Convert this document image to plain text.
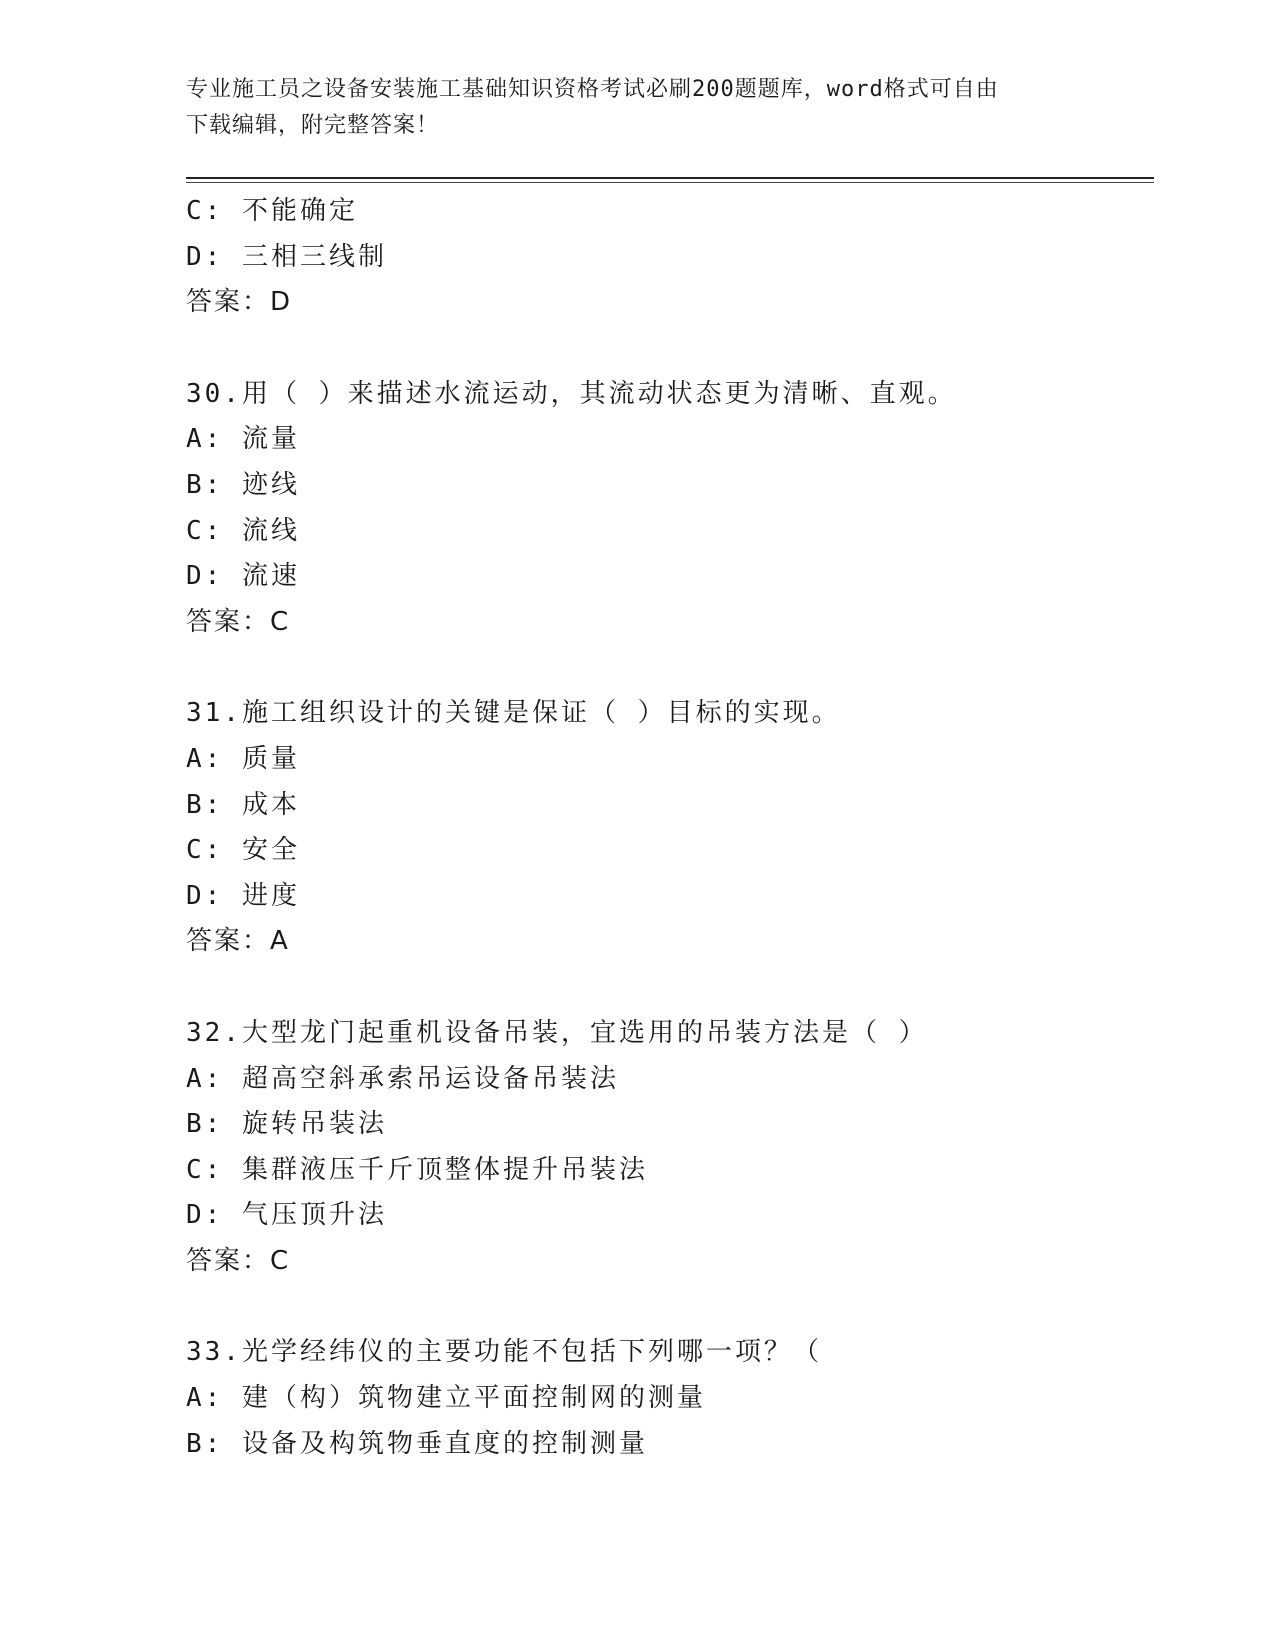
专业施工员之设备安装施工基础知识资格考试必刷200题题库，word格式可自由
下载编辑，附完整答案！
C: 不能确定
D: 三相三线制
答案：D
30.用（ ）来描述水流运动，其流动状态更为清晰、直观。
A: 流量
B: 迹线
C: 流线
D: 流速
答案：C
31.施工组织设计的关键是保证（ ）目标的实现。
A: 质量
B: 成本
C: 安全
D: 进度
答案：A
32.大型龙门起重机设备吊装，宜选用的吊装方法是（ ）
A: 超高空斜承索吊运设备吊装法
B: 旋转吊装法
C: 集群液压千斤顶整体提升吊装法
D: 气压顶升法
答案：C
33.光学经纬仪的主要功能不包括下列哪一项？（
A: 建（构）筑物建立平面控制网的测量
B: 设备及构筑物垂直度的控制测量
